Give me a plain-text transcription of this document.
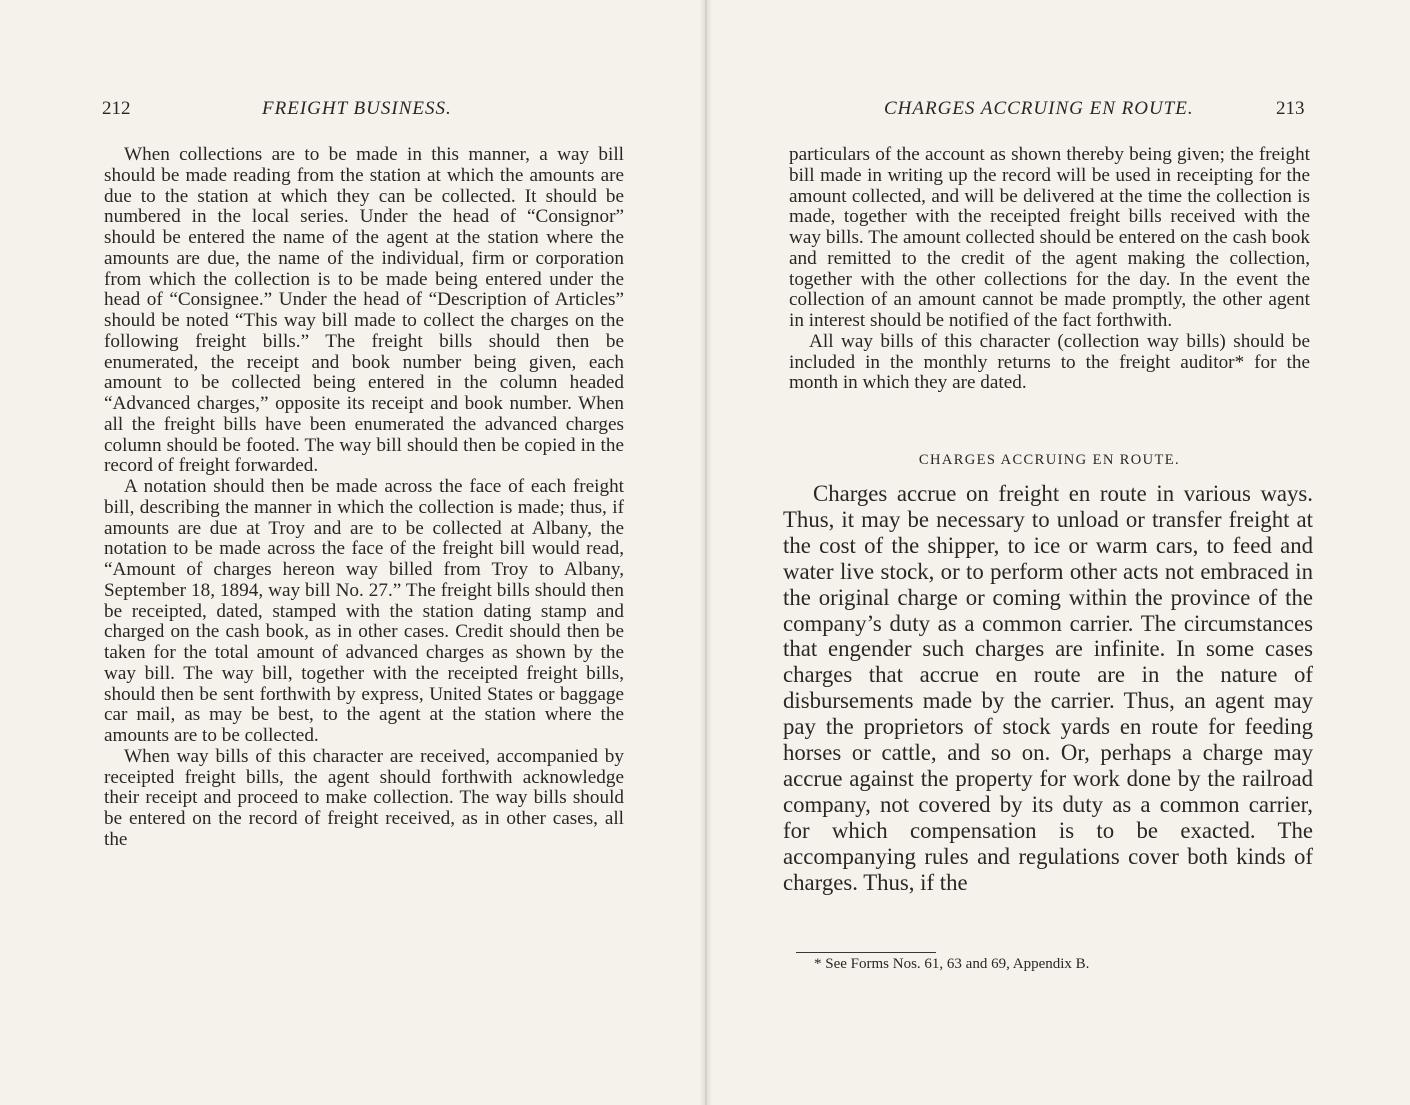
212	FREIGHT BUSINESS.

When collections are to be made in this manner, a way bill should be made reading from the station at which the amounts are due to the station at which they can be collected. It should be numbered in the local series. Under the head of “Consignor” should be entered the name of the agent at the station where the amounts are due, the name of the individual, firm or corporation from which the collection is to be made being entered under the head of “Consignee.” Under the head of “Description of Articles” should be noted “This way bill made to collect the charges on the following freight bills.” The freight bills should then be enumerated, the receipt and book number being given, each amount to be collected being entered in the column headed “Advanced charges,” opposite its receipt and book number. When all the freight bills have been enumerated the advanced charges column should be footed. The way bill should then be copied in the record of freight forwarded.

A notation should then be made across the face of each freight bill, describing the manner in which the collection is made; thus, if amounts are due at Troy and are to be collected at Albany, the notation to be made across the face of the freight bill would read, “Amount of charges hereon way billed from Troy to Albany, September 18, 1894, way bill No. 27.” The freight bills should then be receipted, dated, stamped with the station dating stamp and charged on the cash book, as in other cases. Credit should then be taken for the total amount of advanced charges as shown by the way bill. The way bill, together with the receipted freight bills, should then be sent forthwith by express, United States or baggage car mail, as may be best, to the agent at the station where the amounts are to be collected.

When way bills of this character are received, accompanied by receipted freight bills, the agent should forthwith acknowledge their receipt and proceed to make collection. The way bills should be entered on the record of freight received, as in other cases, all the

CHARGES ACCRUING EN ROUTE.	213

particulars of the account as shown thereby being given; the freight bill made in writing up the record will be used in receipting for the amount collected, and will be delivered at the time the collection is made, together with the receipted freight bills received with the way bills. The amount collected should be entered on the cash book and remitted to the credit of the agent making the collection, together with the other collections for the day. In the event the collection of an amount cannot be made promptly, the other agent in interest should be notified of the fact forthwith.

All way bills of this character (collection way bills) should be included in the monthly returns to the freight auditor* for the month in which they are dated.

CHARGES ACCRUING EN ROUTE.

Charges accrue on freight en route in various ways. Thus, it may be necessary to unload or transfer freight at the cost of the shipper, to ice or warm cars, to feed and water live stock, or to perform other acts not embraced in the original charge or coming within the province of the company’s duty as a common carrier. The circumstances that engender such charges are infinite. In some cases charges that accrue en route are in the nature of disbursements made by the carrier. Thus, an agent may pay the proprietors of stock yards en route for feeding horses or cattle, and so on. Or, perhaps a charge may accrue against the property for work done by the railroad company, not covered by its duty as a common carrier, for which compensation is to be exacted. The accompanying rules and regulations cover both kinds of charges. Thus, if the

* See Forms Nos. 61, 63 and 69, Appendix B.
